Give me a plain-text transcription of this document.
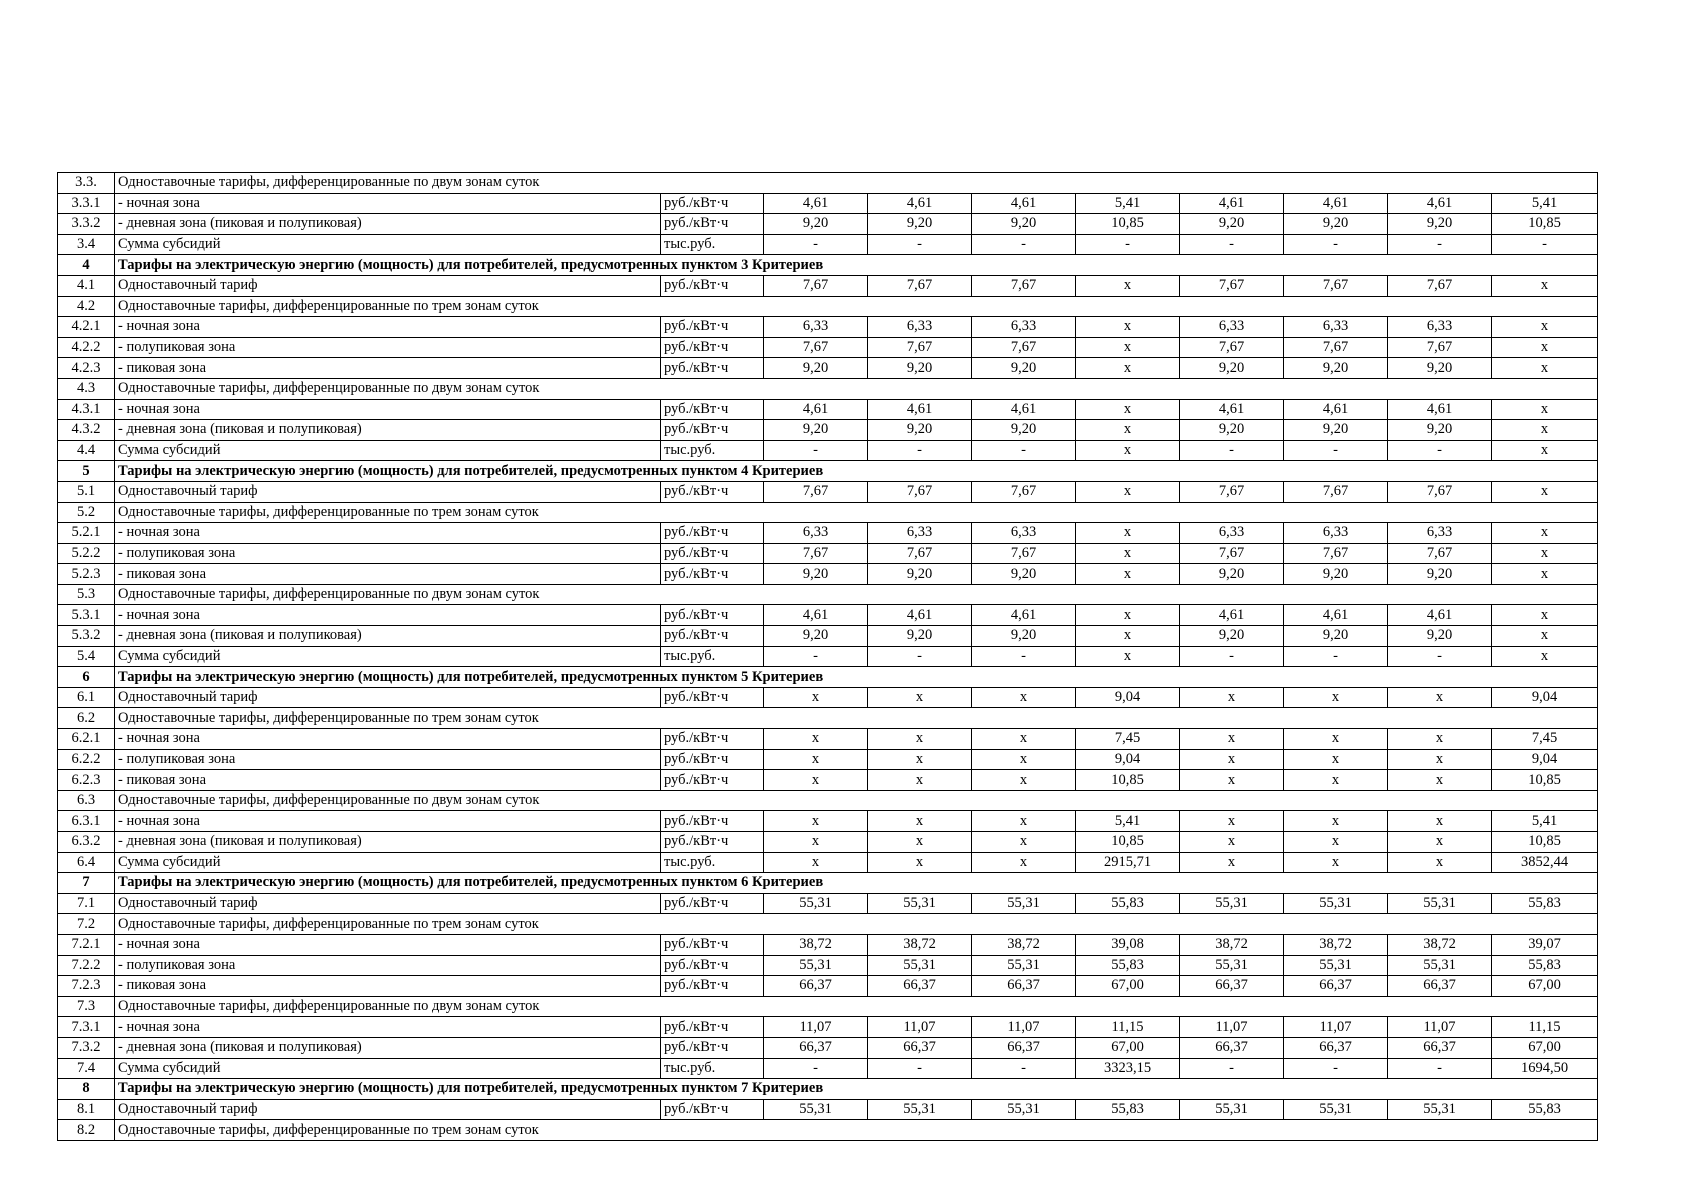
3.3.	Одноставочные тарифы, дифференцированные по двум зонам суток									
3.3.1	- ночная зона	руб./кВт·ч	4,61	4,61	4,61	5,41	4,61	4,61	4,61	5,41
3.3.2	- дневная зона (пиковая и полупиковая)	руб./кВт·ч	9,20	9,20	9,20	10,85	9,20	9,20	9,20	10,85
3.4	Сумма субсидий	тыс.руб.	-	-	-	-	-	-	-	-
4	Тарифы на электрическую энергию (мощность) для потребителей, предусмотренных пунктом 3 Критериев									
4.1	Одноставочный тариф	руб./кВт·ч	7,67	7,67	7,67	х	7,67	7,67	7,67	х
4.2	Одноставочные тарифы, дифференцированные по трем зонам суток									
4.2.1	- ночная зона	руб./кВт·ч	6,33	6,33	6,33	х	6,33	6,33	6,33	х
4.2.2	- полупиковая зона	руб./кВт·ч	7,67	7,67	7,67	х	7,67	7,67	7,67	х
4.2.3	- пиковая зона	руб./кВт·ч	9,20	9,20	9,20	х	9,20	9,20	9,20	х
4.3	Одноставочные тарифы, дифференцированные по двум зонам суток									
4.3.1	- ночная зона	руб./кВт·ч	4,61	4,61	4,61	х	4,61	4,61	4,61	х
4.3.2	- дневная зона (пиковая и полупиковая)	руб./кВт·ч	9,20	9,20	9,20	х	9,20	9,20	9,20	х
4.4	Сумма субсидий	тыс.руб.	-	-	-	х	-	-	-	х
5	Тарифы на электрическую энергию (мощность) для потребителей, предусмотренных пунктом 4 Критериев									
5.1	Одноставочный тариф	руб./кВт·ч	7,67	7,67	7,67	х	7,67	7,67	7,67	х
5.2	Одноставочные тарифы, дифференцированные по трем зонам суток									
5.2.1	- ночная зона	руб./кВт·ч	6,33	6,33	6,33	х	6,33	6,33	6,33	х
5.2.2	- полупиковая зона	руб./кВт·ч	7,67	7,67	7,67	х	7,67	7,67	7,67	х
5.2.3	- пиковая зона	руб./кВт·ч	9,20	9,20	9,20	х	9,20	9,20	9,20	х
5.3	Одноставочные тарифы, дифференцированные по двум зонам суток									
5.3.1	- ночная зона	руб./кВт·ч	4,61	4,61	4,61	х	4,61	4,61	4,61	х
5.3.2	- дневная зона (пиковая и полупиковая)	руб./кВт·ч	9,20	9,20	9,20	х	9,20	9,20	9,20	х
5.4	Сумма субсидий	тыс.руб.	-	-	-	х	-	-	-	х
6	Тарифы на электрическую энергию (мощность) для потребителей, предусмотренных пунктом 5 Критериев									
6.1	Одноставочный тариф	руб./кВт·ч	х	х	х	9,04	х	х	х	9,04
6.2	Одноставочные тарифы, дифференцированные по трем зонам суток									
6.2.1	- ночная зона	руб./кВт·ч	х	х	х	7,45	х	х	х	7,45
6.2.2	- полупиковая зона	руб./кВт·ч	х	х	х	9,04	х	х	х	9,04
6.2.3	- пиковая зона	руб./кВт·ч	х	х	х	10,85	х	х	х	10,85
6.3	Одноставочные тарифы, дифференцированные по двум зонам суток									
6.3.1	- ночная зона	руб./кВт·ч	х	х	х	5,41	х	х	х	5,41
6.3.2	- дневная зона (пиковая и полупиковая)	руб./кВт·ч	х	х	х	10,85	х	х	х	10,85
6.4	Сумма субсидий	тыс.руб.	х	х	х	2915,71	х	х	х	3852,44
7	Тарифы на электрическую энергию (мощность) для потребителей, предусмотренных пунктом 6 Критериев									
7.1	Одноставочный тариф	руб./кВт·ч	55,31	55,31	55,31	55,83	55,31	55,31	55,31	55,83
7.2	Одноставочные тарифы, дифференцированные по трем зонам суток									
7.2.1	- ночная зона	руб./кВт·ч	38,72	38,72	38,72	39,08	38,72	38,72	38,72	39,07
7.2.2	- полупиковая зона	руб./кВт·ч	55,31	55,31	55,31	55,83	55,31	55,31	55,31	55,83
7.2.3	- пиковая зона	руб./кВт·ч	66,37	66,37	66,37	67,00	66,37	66,37	66,37	67,00
7.3	Одноставочные тарифы, дифференцированные по двум зонам суток									
7.3.1	- ночная зона	руб./кВт·ч	11,07	11,07	11,07	11,15	11,07	11,07	11,07	11,15
7.3.2	- дневная зона (пиковая и полупиковая)	руб./кВт·ч	66,37	66,37	66,37	67,00	66,37	66,37	66,37	67,00
7.4	Сумма субсидий	тыс.руб.	-	-	-	3323,15	-	-	-	1694,50
8	Тарифы на электрическую энергию (мощность) для потребителей, предусмотренных пунктом 7 Критериев									
8.1	Одноставочный тариф	руб./кВт·ч	55,31	55,31	55,31	55,83	55,31	55,31	55,31	55,83
8.2	Одноставочные тарифы, дифференцированные по трем зонам суток									
